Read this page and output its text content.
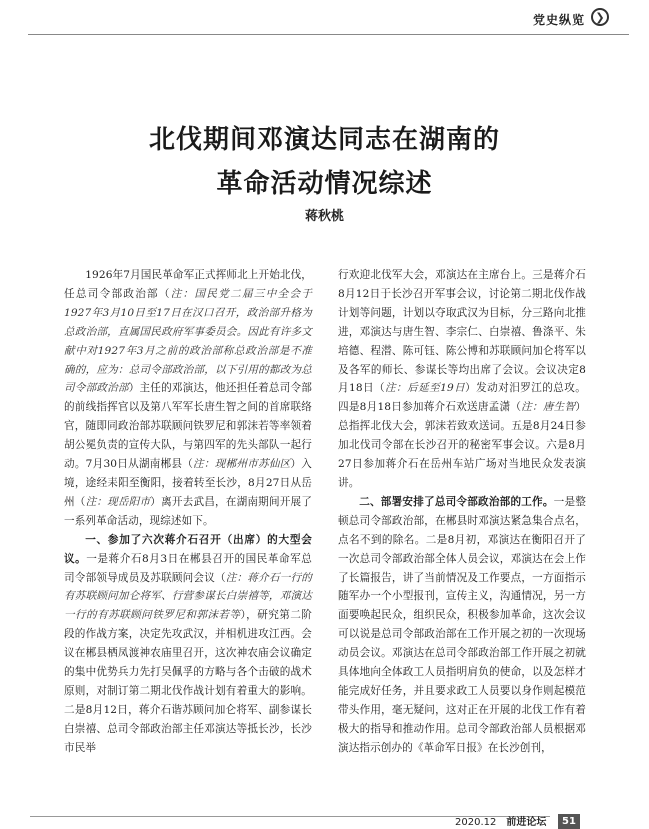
党史纵览 ❯
北伐期间邓演达同志在湖南的
革命活动情况综述
蒋秋桃

1926年7月国民革命军正式挥师北上开始北伐，任总司令部政治部（注：国民党二届三中全会于1927年3月10日至17日在汉口召开，政治部升格为总政治部，直属国民政府军事委员会。因此有许多文献中对1927年3月之前的政治部称总政治部是不准确的，应为：总司令部政治部，以下引用的都改为总司令部政治部）主任的邓演达，他还担任着总司令部的前线指挥官以及第八军军长唐生智之间的首席联络官，随即同政治部苏联顾问铁罗尼和郭沫若等率领着胡公冕负责的宣传大队，与第四军的先头部队一起行动。7月30日从湖南郴县（注：现郴州市苏仙区）入境，途经耒阳至衡阳，接着转至长沙，8月27日从岳州（注：现岳阳市）离开去武昌，在湖南期间开展了一系列革命活动，现综述如下。

一、参加了六次蒋介石召开（出席）的大型会议。一是蒋介石8月3日在郴县召开的国民革命军总司令部领导成员及苏联顾问会议（注：蒋介石一行的有苏联顾问加仑将军、行营参谋长白崇禧等，邓演达一行的有苏联顾问铁罗尼和郭沫若等），研究第二阶段的作战方案，决定先攻武汉，并相机进攻江西。会议在郴县栖凤渡神农庙里召开，这次神农庙会议确定的集中优势兵力先打吴佩孚的方略与各个击破的战术原则，对制订第二期北伐作战计划有着重大的影响。二是8月12日，蒋介石谐苏顾问加仑将军、副参谋长白崇禧、总司令部政治部主任邓演达等抵长沙，长沙市民举

行欢迎北伐军大会，邓演达在主席台上。三是蒋介石8月12日于长沙召开军事会议，讨论第二期北伐作战计划等问题，计划以夺取武汉为目标，分三路向北推进，邓演达与唐生智、李宗仁、白崇禧、鲁涤平、朱培德、程潜、陈可钰、陈公博和苏联顾问加仑将军以及各军的师长、参谋长等均出席了会议。会议决定8月18日（注：后延至19日）发动对汨罗江的总攻。四是8月18日参加蒋介石欢送唐孟潇（注：唐生智）总指挥北伐大会，郭沫若致欢送词。五是8月24日参加北伐司令部在长沙召开的秘密军事会议。六是8月27日参加蒋介石在岳州车站广场对当地民众发表演讲。

二、部署安排了总司令部政治部的工作。一是整顿总司令部政治部，在郴县时邓演达紧急集合点名，点名不到的除名。二是8月初，邓演达在衡阳召开了一次总司令部政治部全体人员会议，邓演达在会上作了长篇报告，讲了当前情况及工作要点，一方面指示随军办一个小型报刊，宣传主义，沟通情况，另一方面要唤起民众，组织民众，积极参加革命，这次会议可以说是总司令部政治部在工作开展之初的一次现场动员会议。邓演达在总司令部政治部工作开展之初就具体地向全体政工人员指明肩负的使命，以及怎样才能完成好任务，并且要求政工人员要以身作则起模范带头作用，毫无疑问，这对正在开展的北伐工作有着极大的指导和推动作用。总司令部政治部人员根据邓演达指示创办的《革命军日报》在长沙创刊，

2020.12 前进论坛	51
